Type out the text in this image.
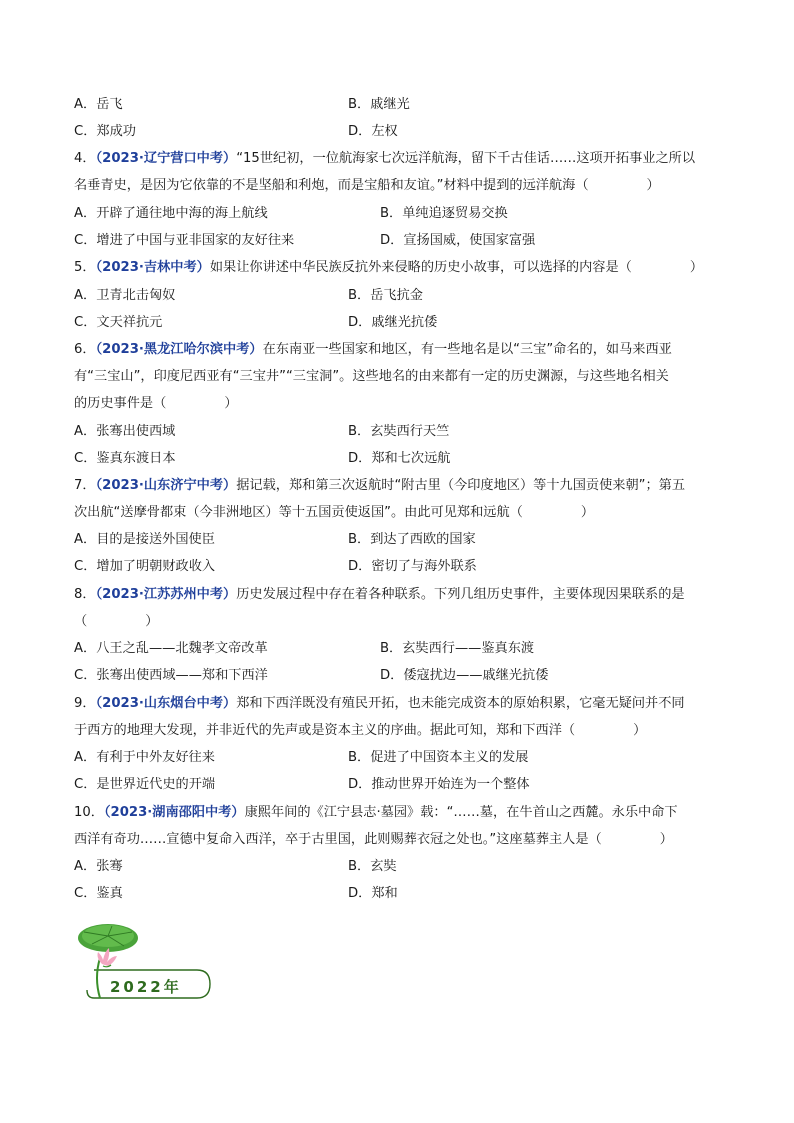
A．岳飞	B．戚继光
C．郑成功	D．左权
4．（2023·辽宁营口中考）“15世纪初，一位航海家七次远洋航海，留下千古佳话……这项开拓事业之所以
名垂青史，是因为它依靠的不是坚船和利炮，而是宝船和友谊。”材料中提到的远洋航海（	）
A．开辟了通往地中海的海上航线	B．单纯追逐贸易交换
C．增进了中国与亚非国家的友好往来	D．宣扬国威，使国家富强
5．（2023·吉林中考）如果让你讲述中华民族反抗外来侵略的历史小故事，可以选择的内容是（	）
A．卫青北击匈奴	B．岳飞抗金
C．文天祥抗元	D．戚继光抗倭
6．（2023·黑龙江哈尔滨中考）在东南亚一些国家和地区，有一些地名是以“三宝”命名的，如马来西亚
有“三宝山”，印度尼西亚有“三宝井”“三宝洞”。这些地名的由来都有一定的历史渊源，与这些地名相关
的历史事件是（	）
A．张骞出使西域	B．玄奘西行天竺
C．鉴真东渡日本	D．郑和七次远航
7．（2023·山东济宁中考）据记载，郑和第三次返航时“附古里（今印度地区）等十九国贡使来朝”；第五
次出航“送摩骨都束（今非洲地区）等十五国贡使返国”。由此可见郑和远航（	）
A．目的是接送外国使臣	B．到达了西欧的国家
C．增加了明朝财政收入	D．密切了与海外联系
8．（2023·江苏苏州中考）历史发展过程中存在着各种联系。下列几组历史事件，主要体现因果联系的是
（	）
A．八王之乱——北魏孝文帝改革	B．玄奘西行——鉴真东渡
C．张骞出使西域——郑和下西洋	D．倭寇扰边——戚继光抗倭
9．（2023·山东烟台中考）郑和下西洋既没有殖民开拓，也未能完成资本的原始积累，它毫无疑问并不同
于西方的地理大发现，并非近代的先声或是资本主义的序曲。据此可知，郑和下西洋（	）
A．有利于中外友好往来	B．促进了中国资本主义的发展
C．是世界近代史的开端	D．推动世界开始连为一个整体
10．（2023·湖南邵阳中考）康熙年间的《江宁县志·墓园》载：“……墓，在牛首山之西麓。永乐中命下
西洋有奇功……宣德中复命入西洋，卒于古里国，此则赐葬衣冠之处也。”这座墓葬主人是（	）
A．张骞	B．玄奘
C．鉴真	D．郑和
2022年
